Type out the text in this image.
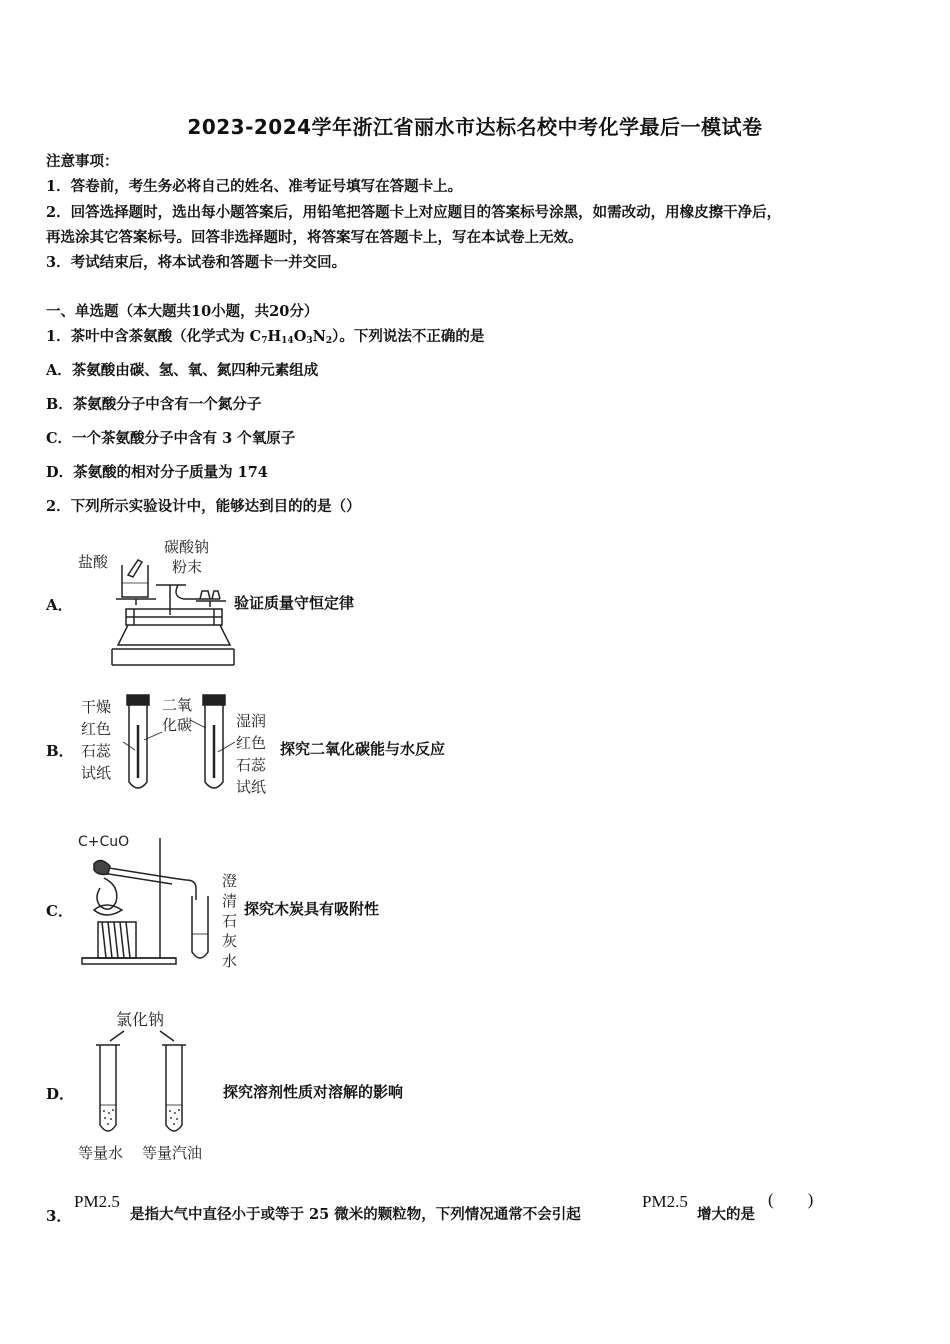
2023-2024学年浙江省丽水市达标名校中考化学最后一模试卷
注意事项：
1．答卷前，考生务必将自己的姓名、准考证号填写在答题卡上。
2．回答选择题时，选出每小题答案后，用铅笔把答题卡上对应题目的答案标号涂黑，如需改动，用橡皮擦干净后，
再选涂其它答案标号。回答非选择题时，将答案写在答题卡上，写在本试卷上无效。
3．考试结束后，将本试卷和答题卡一并交回。
一、单选题（本大题共10小题，共20分）
1．茶叶中含茶氨酸（化学式为 $C_7H_{14}O_3N_2$）。下列说法不正确的是
A．茶氨酸由碳、氢、氧、氮四种元素组成
B．茶氨酸分子中含有一个氮分子
C．一个茶氨酸分子中含有 3 个氧原子
D．茶氨酸的相对分子质量为 174
2．下列所示实验设计中，能够达到目的的是（）
A．
盐酸
碳酸钠
粉末
验证质量守恒定律
B．
干燥
红色
石蕊
试纸
二氧
化碳	湿润
红色
石蕊
试纸
探究二氧化碳能与水反应
C．
C+CuO
澄
清
石
灰
水
探究木炭具有吸附性
D．
氯化钠
等量水 等量汽油
探究溶剂性质对溶解的影响
3．
PM2.5
是指大气中直径小于或等于 25 微米的颗粒物，下列情况通常不会引起
PM2.5
增大的是
(        )
